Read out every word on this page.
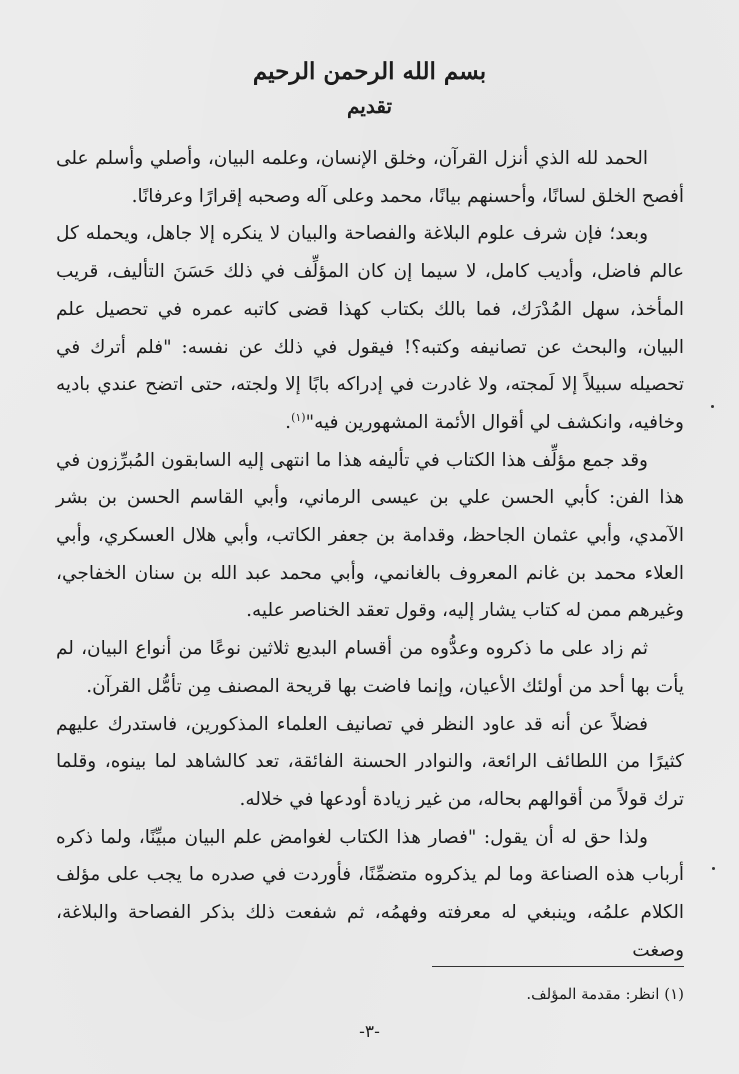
بسم الله الرحمن الرحيم
تقديم

الحمد لله الذي أنزل القرآن، وخلق الإنسان، وعلمه البيان، وأصلي وأسلم على أفصح الخلق لسانًا، وأحسنهم بيانًا، محمد وعلى آله وصحبه إقرارًا وعرفانًا.

وبعد؛ فإن شرف علوم البلاغة والفصاحة والبيان لا ينكره إلا جاهل، ويحمله كل عالم فاضل، وأديب كامل، لا سيما إن كان المؤلِّف في ذلك حَسَنَ التأليف، قريب المأخذ، سهل المُدْرَك، فما بالك بكتاب كهذا قضى كاتبه عمره في تحصيل علم البيان، والبحث عن تصانيفه وكتبه؟! فيقول في ذلك عن نفسه: "فلم أترك في تحصيله سبيلاً إلا لَمجته، ولا غادرت في إدراكه بابًا إلا ولجته، حتى اتضح عندي باديه وخافيه، وانكشف لي أقوال الأئمة المشهورين فيه"$^{(١)}$.

وقد جمع مؤلِّف هذا الكتاب في تأليفه هذا ما انتهى إليه السابقون المُبرِّزون في هذا الفن: كأبي الحسن علي بن عيسى الرماني، وأبي القاسم الحسن بن بشر الآمدي، وأبي عثمان الجاحظ، وقدامة بن جعفر الكاتب، وأبي هلال العسكري، وأبي العلاء محمد بن غانم المعروف بالغانمي، وأبي محمد عبد الله بن سنان الخفاجي، وغيرهم ممن له كتاب يشار إليه، وقول تعقد الخناصر عليه.

ثم زاد على ما ذكروه وعدُّوه من أقسام البديع ثلاثين نوعًا من أنواع البيان، لم يأت بها أحد من أولئك الأعيان، وإنما فاضت بها قريحة المصنف مِن تأمُّل القرآن.

فضلاً عن أنه قد عاود النظر في تصانيف العلماء المذكورين، فاستدرك عليهم كثيرًا من اللطائف الرائعة، والنوادر الحسنة الفائقة، تعد كالشاهد لما بينوه، وقلما ترك قولاً من أقوالهم بحاله، من غير زيادة أودعها في خلاله.

ولذا حق له أن يقول: "فصار هذا الكتاب لغوامض علم البيان مبيِّنًا، ولما ذكره أرباب هذه الصناعة وما لم يذكروه متضمِّنًا، فأوردت في صدره ما يجب على مؤلف الكلام علمُه، وينبغي له معرفته وفهمُه، ثم شفعت ذلك بذكر الفصاحة والبلاغة، وصغت

(١) انظر: مقدمة المؤلف.
-٣-
